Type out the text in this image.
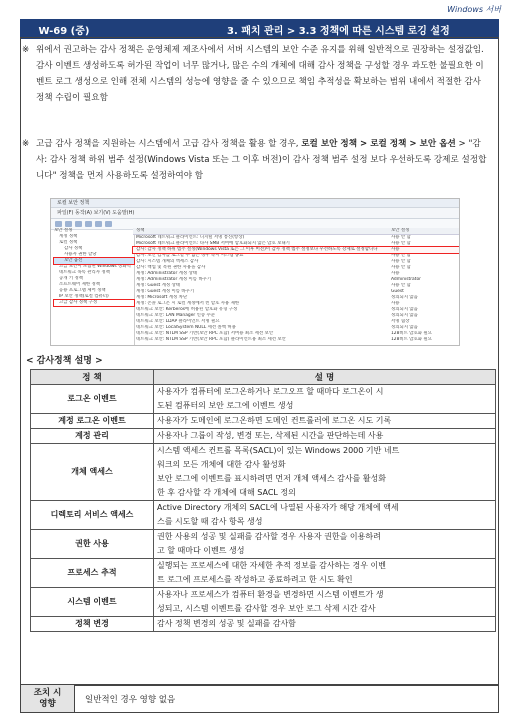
Windows 서버
W-69 (중)	3. 패치 관리 > 3.3 정책에 따른 시스템 로깅 설정
※ 위에서 권고하는 감사 정책은 운영체제 제조사에서 서버 시스템의 보안 수준 유지를 위해 일반적으로 권장하는 설정값임. 감사 이벤트 생성하도록 허가된 작업이 너무 많거나, 많은 수의 개체에 대해 감사 정책을 구성할 경우 과도한 불필요한 이벤트 로그 생성으로 인해 전체 시스템의 성능에 영향을 줄 수 있으므로 책임 추적성을 확보하는 범위 내에서 적절한 감사 정책 수립이 필요함
※ 고급 감사 정책을 지원하는 시스템에서 고급 감사 정책을 활용 할 경우, 로컬 보안 정책 > 로컬 정책 > 보안 옵션 > "감사: 감사 정책 하위 범주 설정(Windows Vista 또는 그 이후 버전)이 감사 정책 범주 설정 보다 우선하도록 강제로 설정합니다" 정책을 먼저 사용하도록 설정하여야 함
로컬 보안 정책
파일(F) 동작(A) 보기(V) 도움말(H)
보안 설정
계정 정책
로컬 정책
감사 정책
사용자 권한 할당
보안 옵션
고급 보안이 포함된 Windows 방화벽
네트워크 목록 관리자 정책
공개 키 정책
소프트웨어 제한 정책
응용 프로그램 제어 정책
IP 보안 정책(로컬 컴퓨터)
고급 감사 정책 구성
정책	보안 설정
Microsoft 네트워크 클라이언트: 디지털 서명 통신(항상)	사용 안 함
Microsoft 네트워크 클라이언트: 타사 SMB 서버에 암호화되지 않은 암호 보내기	사용 안 함
감사: 감사 정책 하위 범주 설정(Windows Vista 또는 그 이후 버전)이 감사 정책 범주 설정보다 우선하도록 강제로 설정합니다	사용
감사: 보안 감사를 로그할 수 없는 경우 즉시 시스템 종료	사용 안 함
감사: 시스템 개체의 액세스 감사	사용 안 함
감사: 백업 및 복원 권한 사용을 감사	사용 안 함
계정: Administrator 계정 상태	사용
계정: Administrator 계정 이름 바꾸기	Administrator
계정: Guest 계정 상태	사용 안 함
계정: Guest 계정 이름 바꾸기	Guest
계정: Microsoft 계정 차단	정의되지 않음
계정: 콘솔 로그온 시 로컬 계정에서 빈 암호 사용 제한	사용
네트워크 보안: Kerberos에 허용된 암호화 유형 구성	정의되지 않음
네트워크 보안: LAN Manager 인증 수준	정의되지 않음
네트워크 보안: LDAP 클라이언트 서명 필요	서명 협상
네트워크 보안: LocalSystem NULL 세션 폴백 허용	정의되지 않음
네트워크 보안: NTLM SSP 기반(보안 RPC 포함) 서버용 최소 세션 보안	128비트 암호화 필요
네트워크 보안: NTLM SSP 기반(보안 RPC 포함) 클라이언트용 최소 세션 보안	128비트 암호화 필요
< 감사정책 설명 >
정 책	설 명
로그온 이벤트	사용자가 컴퓨터에 로그온하거나 로그오프 할 때마다 로그온이 시
도된 컴퓨터의 보안 로그에 이벤트 생성

계정 로그온 이벤트	사용자가 도메인에 로그온하면 도메인 컨트롤러에 로그온 시도 기록

계정 관리	사용자나 그룹이 작성, 변경 또는, 삭제된 시간을 판단하는데 사용

개체 액세스	시스템 액세스 컨트롤 목록(SACL)이 있는 Windows 2000 기반 네트
워크의 모든 개체에 대한 감사 활성화
보안 로그에 이벤트를 표시하려면 먼저 개체 액세스 감사를 활성화
한 후 감사할 각 개체에 대해 SACL 정의

디렉토리 서비스 액세스	Active Directory 개체의 SACL에 나열된 사용자가 해당 개체에 액세
스를 시도할 때 감사 항목 생성

권한 사용	권한 사용의 성공 및 실패를 감사할 경우 사용자 권한을 이용하려
고 할 때마다 이벤트 생성

프로세스 추적	실행되는 프로세스에 대한 자세한 추적 정보를 감사하는 경우 이벤
트 로그에 프로세스를 작성하고 종료하려고 한 시도 확인

시스템 이벤트	사용자나 프로세스가 컴퓨터 환경을 변경하면 시스템 이벤트가 생
성되고, 시스템 이벤트를 감사할 경우 보안 로그 삭제 시간 감사

정책 변경	감사 정책 변경의 성공 및 실패를 감사함
조치 시
영향	일반적인 경우 영향 없음
